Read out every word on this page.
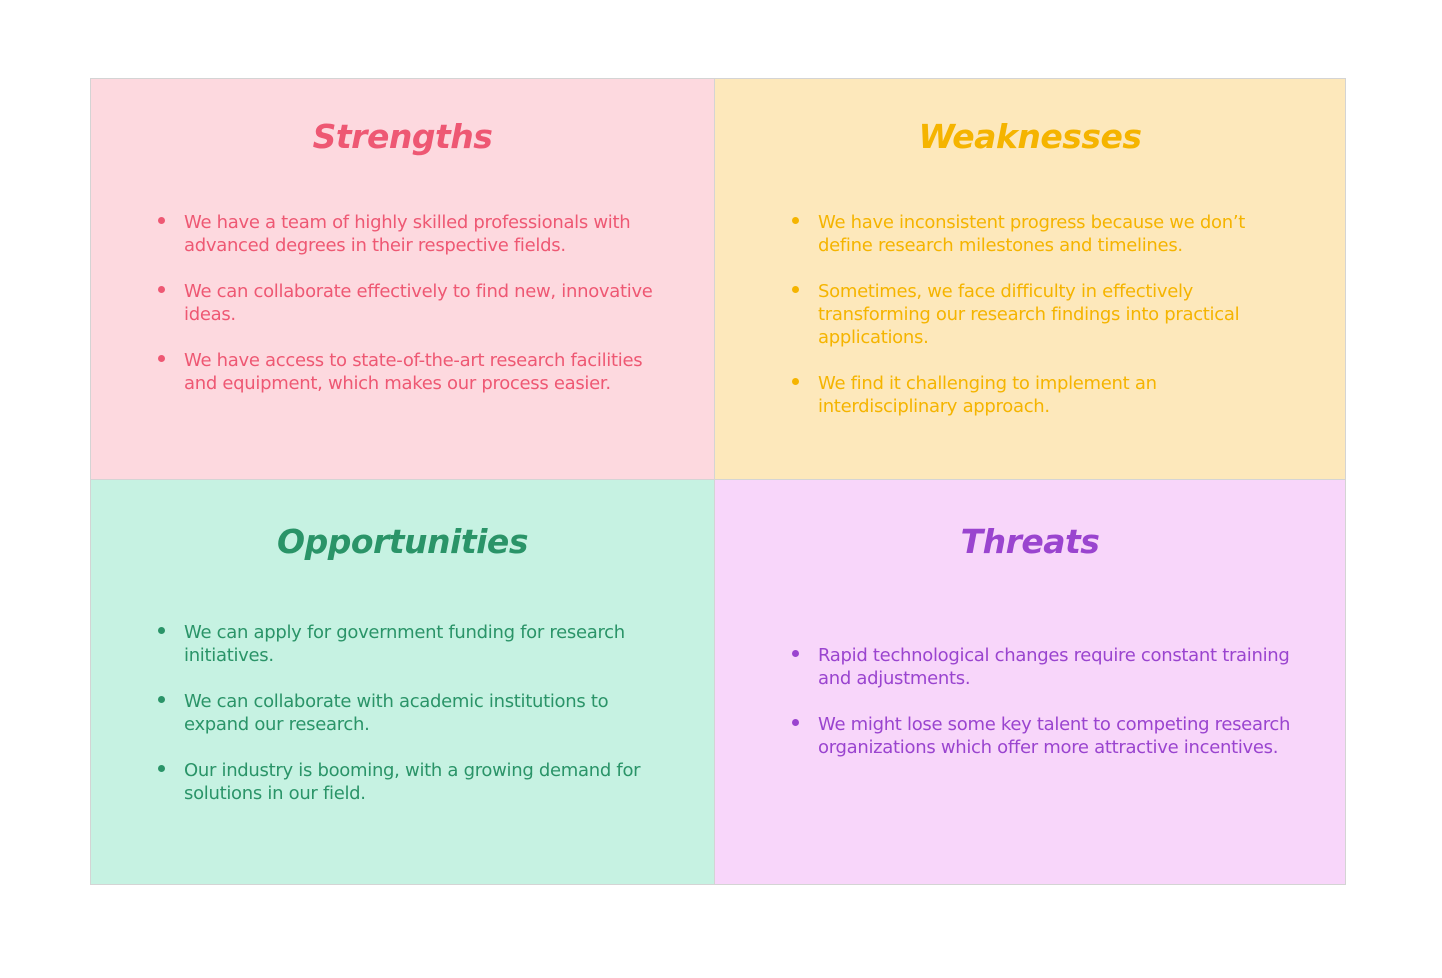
Strengths
We have a team of highly skilled professionals with advanced degrees in their respective fields.
We can collaborate effectively to find new, innovative ideas.
We have access to state-of-the-art research facilities and equipment, which makes our process easier.
Weaknesses
We have inconsistent progress because we don’t define research milestones and timelines.
Sometimes, we face difficulty in effectively transforming our research findings into practical applications.
We find it challenging to implement an interdisciplinary approach.
Opportunities
We can apply for government funding for research initiatives.
We can collaborate with academic institutions to expand our research.
Our industry is booming, with a growing demand for solutions in our field.
Threats
Rapid technological changes require constant training and adjustments.
We might lose some key talent to competing research organizations which offer more attractive incentives.
